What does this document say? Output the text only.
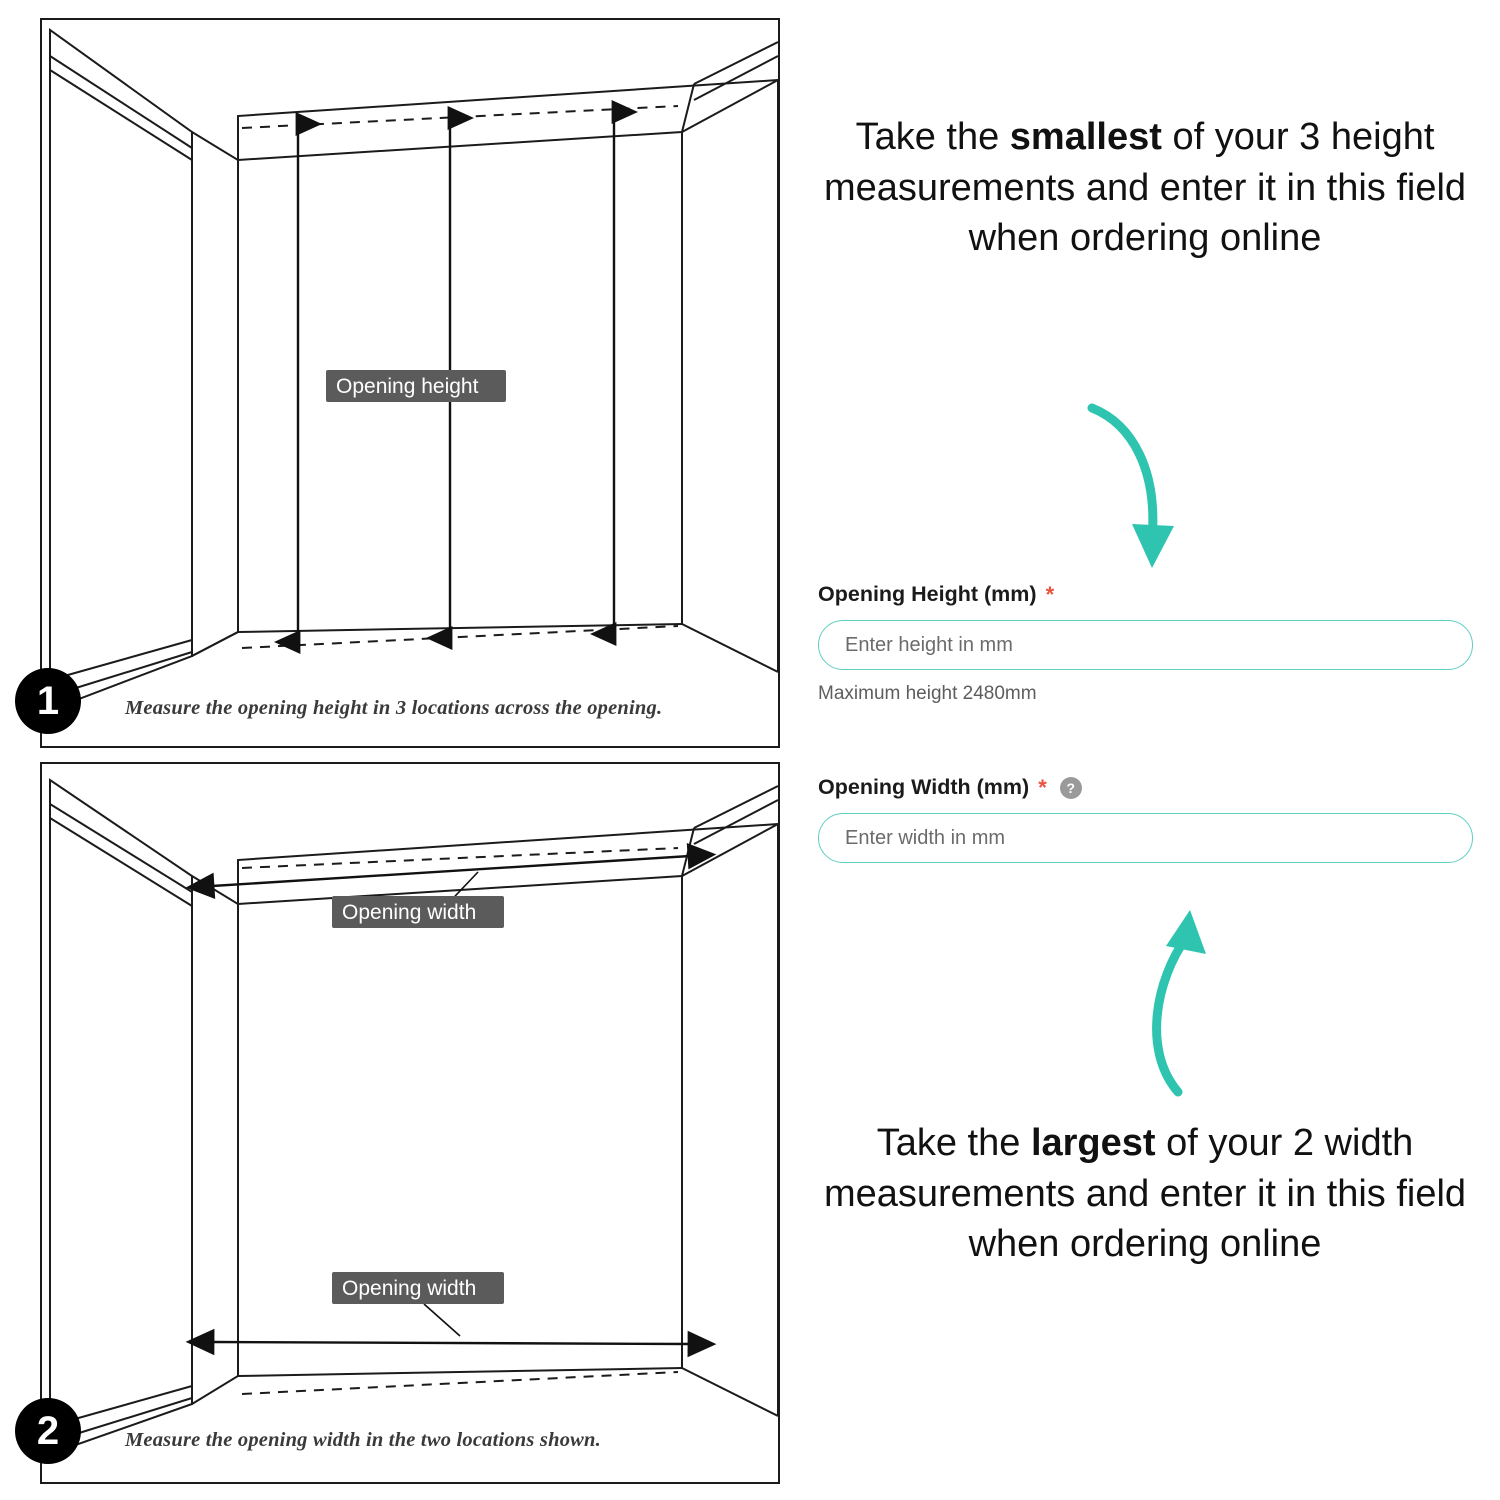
Opening height
1	Measure the opening height in 3 locations across the opening.
Opening width
Opening width
2	Measure the opening width in the two locations shown.
Take the smallest of your 3 height measurements and enter it in this field when ordering online
Opening Height (mm) *
Enter height in mm
Maximum height 2480mm
Opening Width (mm) *	?
Enter width in mm
Take the largest of your 2 width measurements and enter it in this field when ordering online
